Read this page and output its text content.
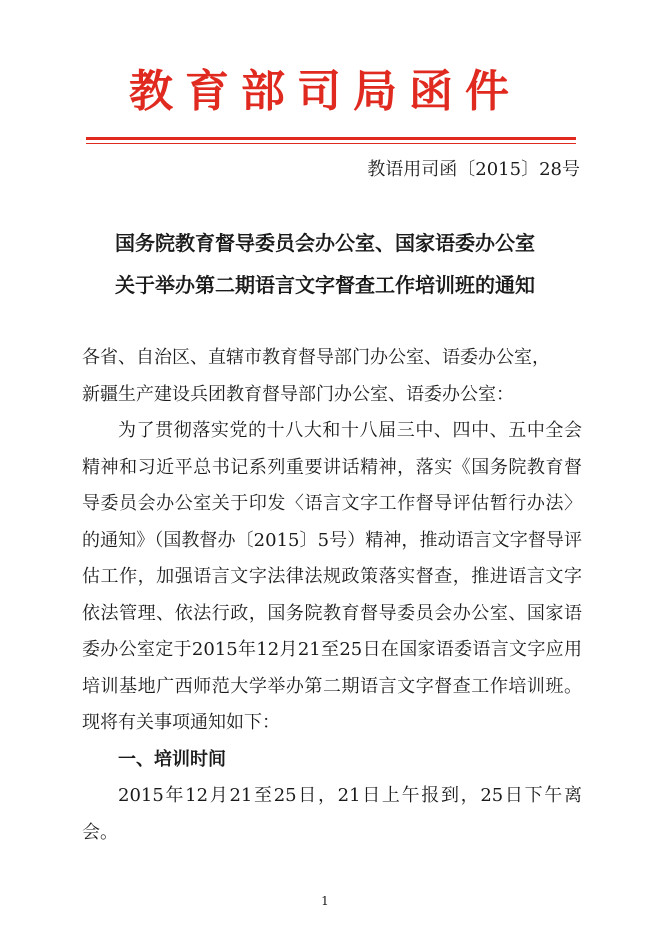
教育部司局函件
教语用司函〔2015〕28号
国务院教育督导委员会办公室、国家语委办公室
关于举办第二期语言文字督查工作培训班的通知

各省、自治区、直辖市教育督导部门办公室、语委办公室，

新疆生产建设兵团教育督导部门办公室、语委办公室：

为了贯彻落实党的十八大和十八届三中、四中、五中全会精神和习近平总书记系列重要讲话精神，落实《国务院教育督导委员会办公室关于印发〈语言文字工作督导评估暂行办法〉的通知》（国教督办〔2015〕5号）精神，推动语言文字督导评估工作，加强语言文字法律法规政策落实督查，推进语言文字依法管理、依法行政，国务院教育督导委员会办公室、国家语委办公室定于2015年12月21至25日在国家语委语言文字应用培训基地广西师范大学举办第二期语言文字督查工作培训班。现将有关事项通知如下：

一、培训时间

2015年12月21至25日，21日上午报到，25日下午离会。

1
